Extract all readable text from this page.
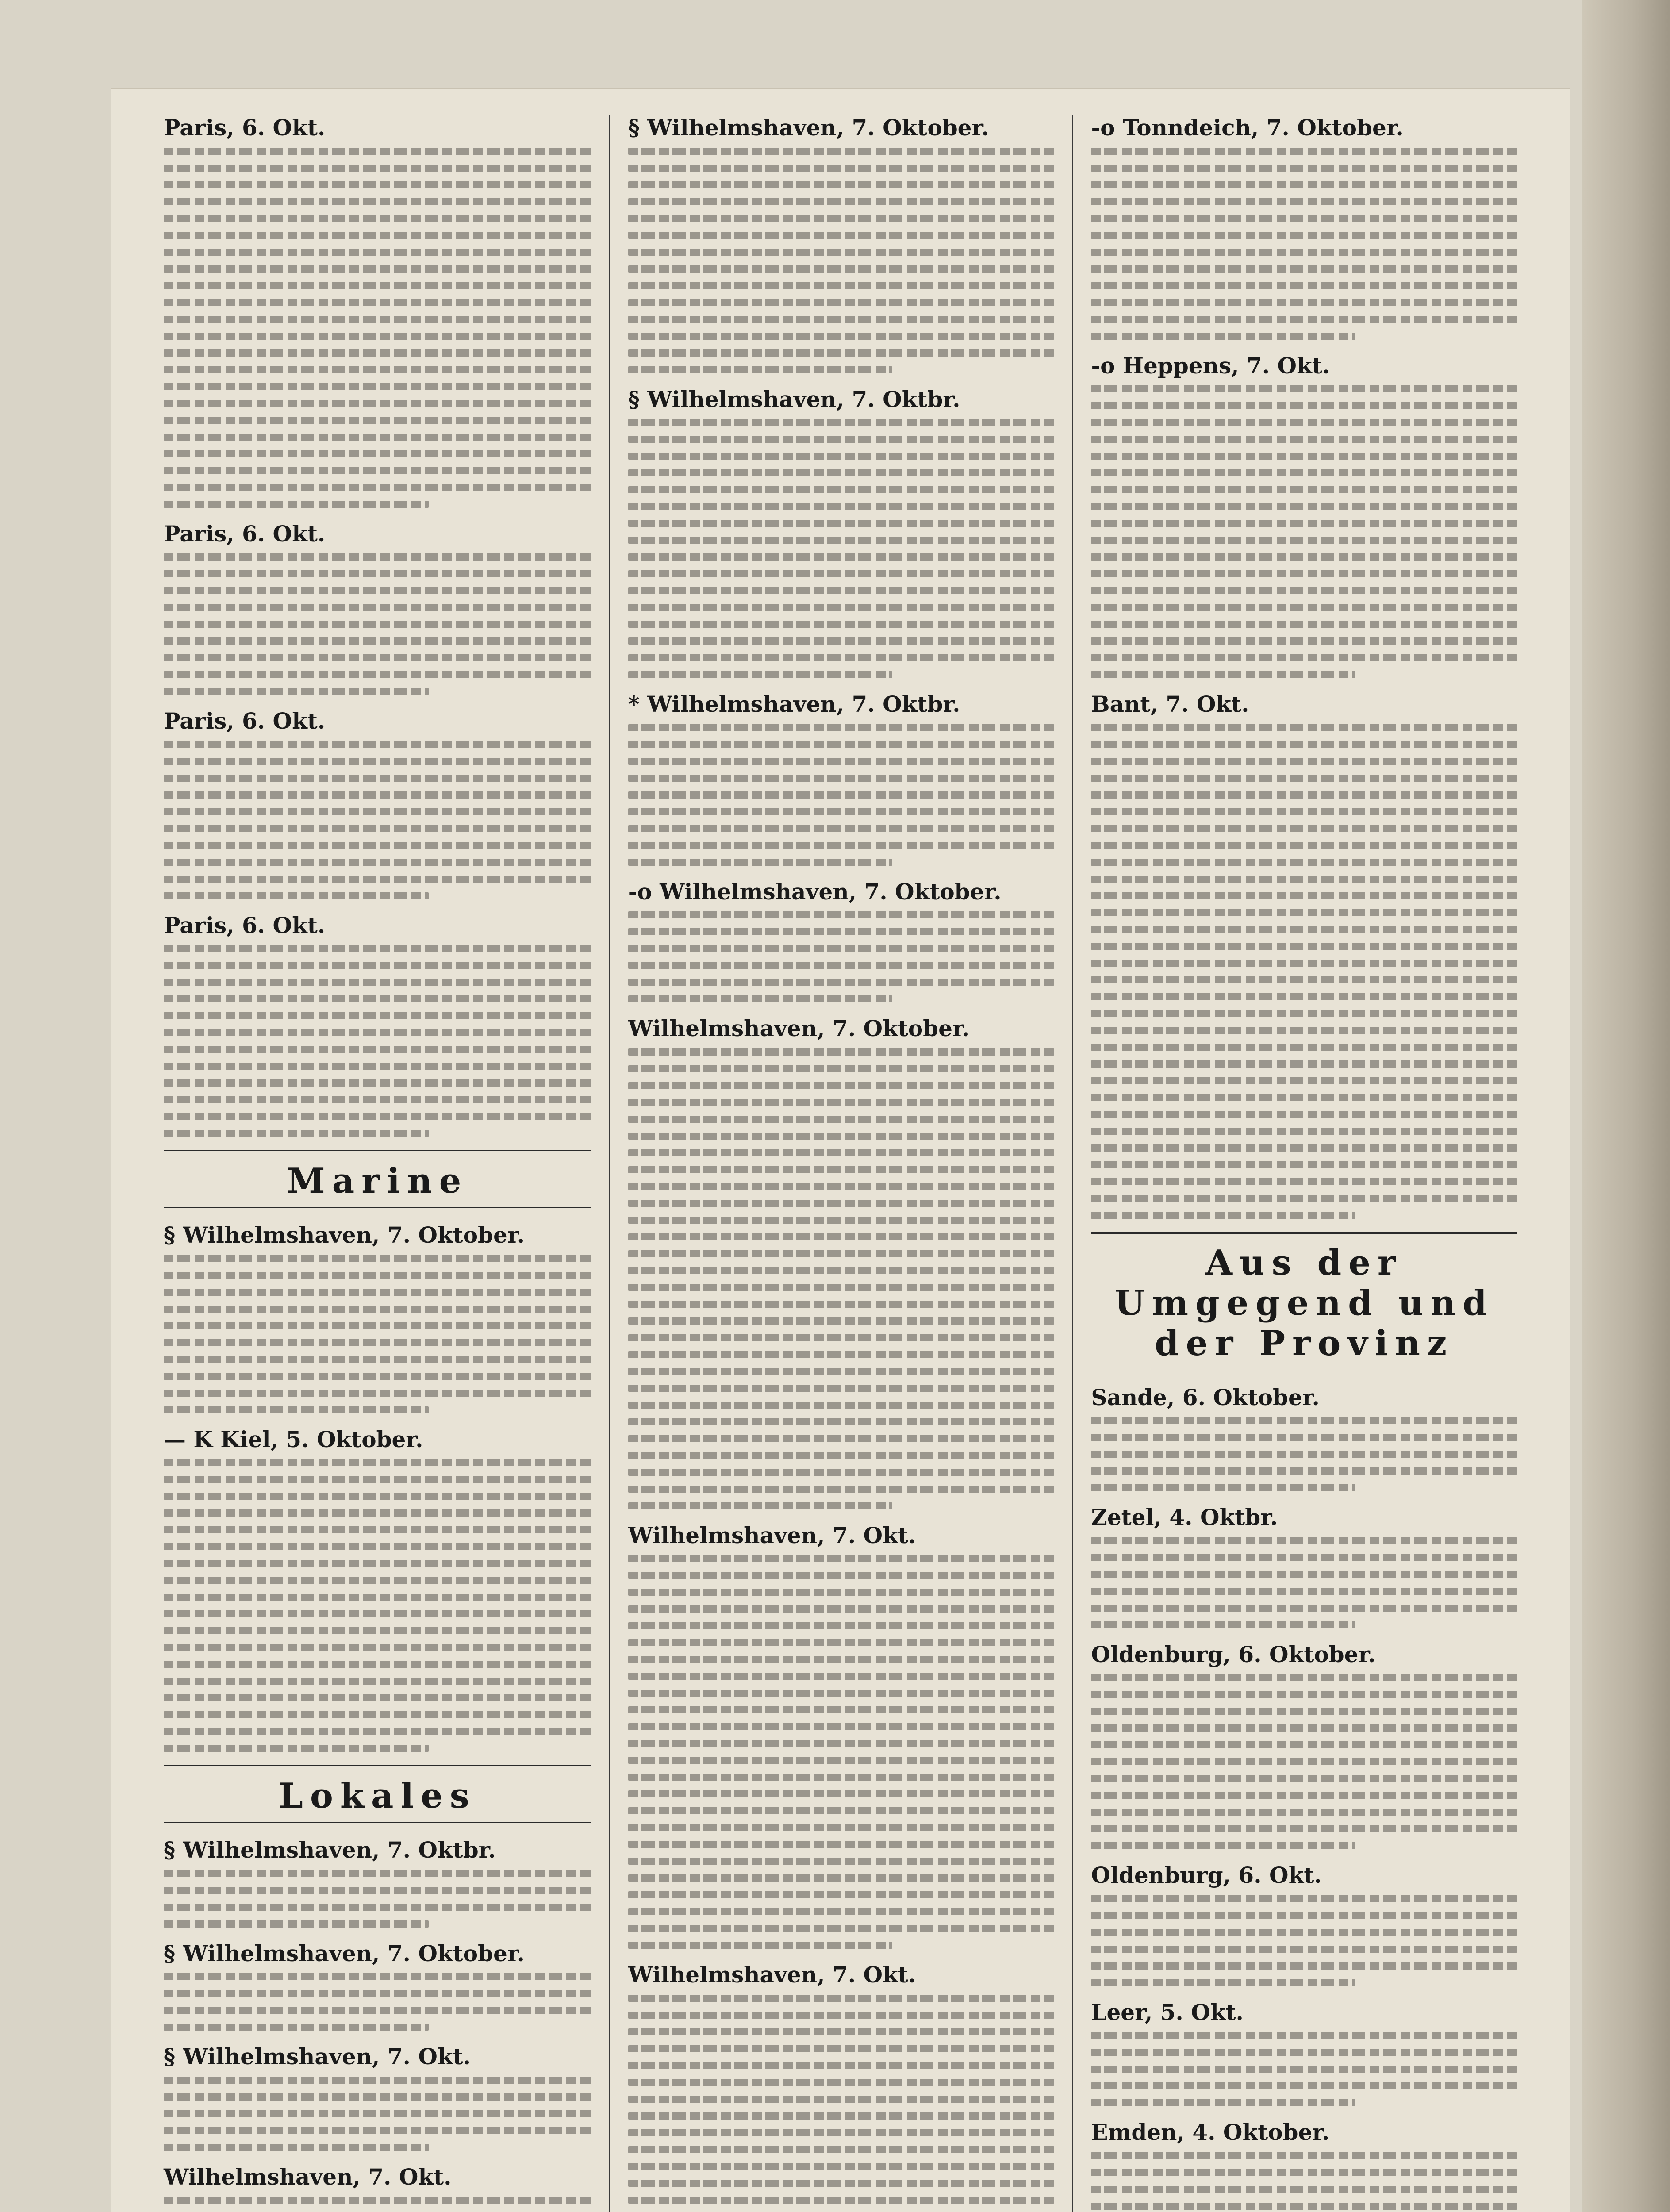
Paris, 6. Okt.
Paris, 6. Okt.
Paris, 6. Okt.
Paris, 6. Okt.
Marine
§ Wilhelmshaven, 7. Oktober.
— K Kiel, 5. Oktober.
Lokales
§ Wilhelmshaven, 7. Oktbr.
§ Wilhelmshaven, 7. Oktober.
§ Wilhelmshaven, 7. Okt.
Wilhelmshaven, 7. Okt.
§ Wilhelmshaven, 7. Oktober.
§ Wilhelmshaven, 7. Oktbr.
* Wilhelmshaven, 7. Oktbr.
-o Wilhelmshaven, 7. Oktober.
Wilhelmshaven, 7. Oktober.
Wilhelmshaven, 7. Okt.
Wilhelmshaven, 7. Okt.
-o Tonndeich, 7. Oktober.
-o Heppens, 7. Okt.
Bant, 7. Okt.
Aus der Umgegend und der Provinz
Sande, 6. Oktober.
Zetel, 4. Oktbr.
Oldenburg, 6. Oktober.
Oldenburg, 6. Okt.
Leer, 5. Okt.
Emden, 4. Oktober.
